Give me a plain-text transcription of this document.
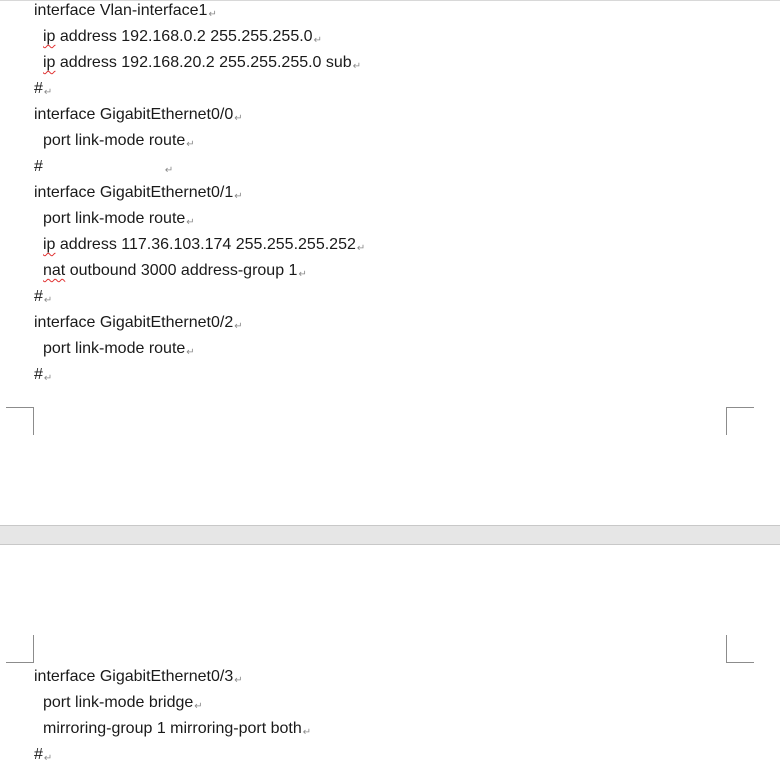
interface Vlan-interface1↵
ip address 192.168.0.2 255.255.255.0↵
ip address 192.168.20.2 255.255.255.0 sub↵
#↵
interface GigabitEthernet0/0↵
port link-mode route↵
#	↵
interface GigabitEthernet0/1↵
port link-mode route↵
ip address 117.36.103.174 255.255.255.252↵
nat outbound 3000 address-group 1↵
#↵
interface GigabitEthernet0/2↵
port link-mode route↵
#↵
interface GigabitEthernet0/3↵
port link-mode bridge↵
mirroring-group 1 mirroring-port both↵
#↵
